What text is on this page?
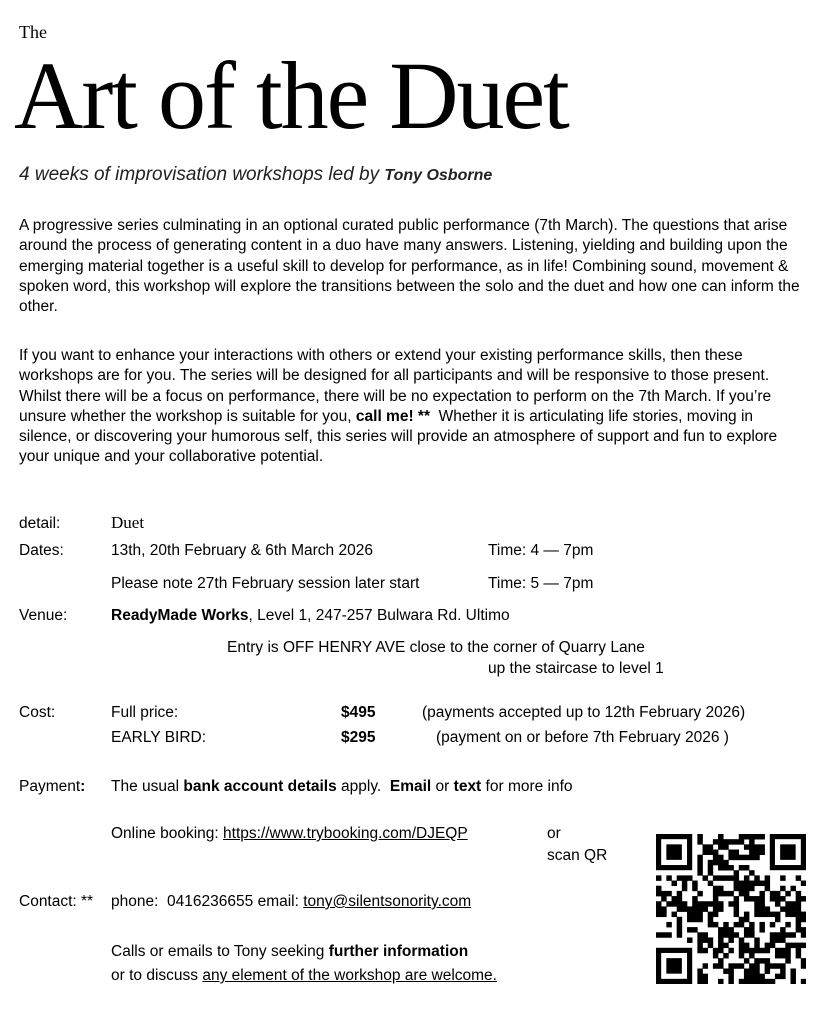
The
Art of the Duet
4 weeks of improvisation workshops led by Tony Osborne
A progressive series culminating in an optional curated public performance (7th March). The questions that arise around the process of generating content in a duo have many answers. Listening, yielding and building upon the emerging material together is a useful skill to develop for performance, as in life! Combining sound, movement & spoken word, this workshop will explore the transitions between the solo and the duet and how one can inform the other.
If you want to enhance your interactions with others or extend your existing performance skills, then these workshops are for you. The series will be designed for all participants and will be responsive to those present. Whilst there will be a focus on performance, there will be no expectation to perform on the 7th March. If you’re unsure whether the workshop is suitable for you, call me! ** Whether it is articulating life stories, moving in silence, or discovering your humorous self, this series will provide an atmosphere of support and fun to explore your unique and your collaborative potential.
detail:	Duet
Dates:	13th, 20th February & 6th March 2026	Time: 4 — 7pm
Please note 27th February session later start	Time: 5 — 7pm
Venue:	ReadyMade Works, Level 1, 247-257 Bulwara Rd. Ultimo
Entry is OFF HENRY AVE close to the corner of Quarry Lane
up the staircase to level 1
Cost:	Full price:	$495	(payments accepted up to 12th February 2026)
EARLY BIRD:	$295	(payment on or before 7th February 2026 )
Payment: The usual bank account details apply. Email or text for more info
Online booking: https://www.trybooking.com/DJEQP	or
scan QR
Contact: ** phone: 0416236655 email: tony@silentsonority.com
Calls or emails to Tony seeking further information
or to discuss any element of the workshop are welcome.
